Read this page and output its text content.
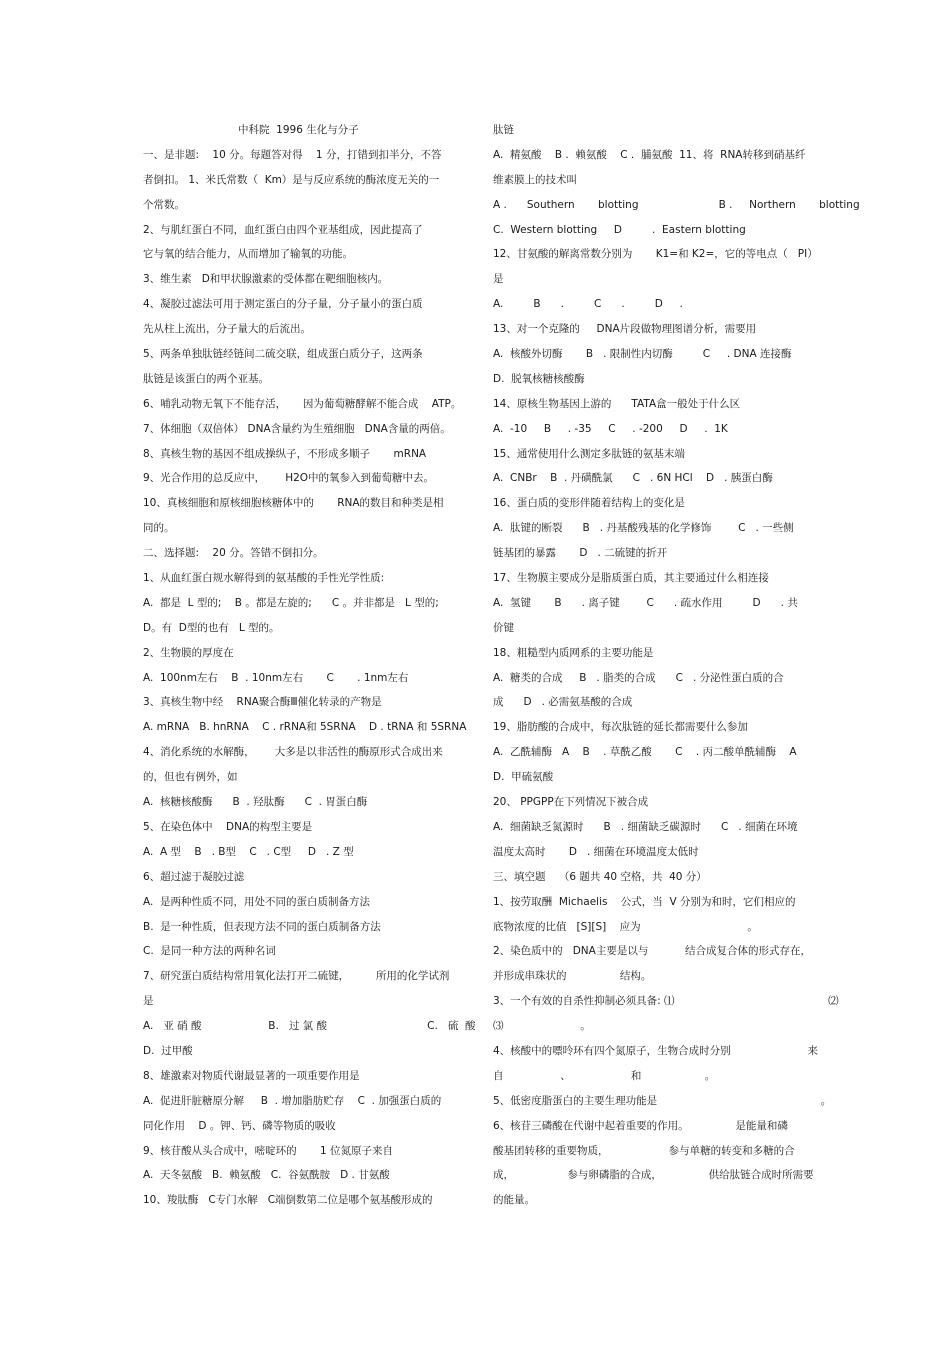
中科院  1996 生化与分子
一、是非题:    10 分。每题答对得    1 分，打错到扣半分，不答
者倒扣。 1、米氏常数（  Km）是与反应系统的酶浓度无关的一
个常数。
2、与肌红蛋白不同，血红蛋白由四个亚基组成，因此提高了
它与氧的结合能力，从而增加了输氧的功能。
3、维生素   D和甲状腺激素的受体都在靶细胞核内。
4、凝胶过滤法可用于测定蛋白的分子量，分子量小的蛋白质
先从柱上流出，分子量大的后流出。
5、两条单独肽链经链间二硫交联，组成蛋白质分子，这两条
肽链是该蛋白的两个亚基。
6、哺乳动物无氧下不能存活，     因为葡萄糖酵解不能合成    ATP。
7、体细胞（双倍体） DNA含量约为生殖细胞   DNA含量的两倍。
8、真核生物的基因不组成操纵子，不形成多顺子       mRNA
9、光合作用的总反应中，      H2O中的氧参入到葡萄糖中去。
10、真核细胞和原核细胞核糖体中的       RNA的数目和种类是相
同的。
二、选择题:    20 分。答错不倒扣分。
1、从血红蛋白规水解得到的氨基酸的手性光学性质:
A.  都是  L 型的;    B 。都是左旋的;      C 。并非都是   L 型的;
D。有  D型的也有   L 型的。
2、生物膜的厚度在
A.  100nm左右    B  . 10nm左右       C       . 1nm左右
3、真核生物中经    RNA聚合酶Ⅲ催化转录的产物是
A. mRNA   B. hnRNA    C . rRNA和 5SRNA    D . tRNA 和 5SRNA
4、消化系统的水解酶，      大多是以非活性的酶原形式合成出来
的，但也有例外，如
A.  核糖核酸酶      B  . 羟肽酶      C  . 胃蛋白酶
5、在染色体中    DNA的构型主要是
A.  A 型    B   . B型    C   . C型     D   . Z 型
6、超过滤于凝胶过滤
A.  是两种性质不同，用处不同的蛋白质制备方法
B.  是一种性质，但表现方法不同的蛋白质制备方法
C.  是同一种方法的两种名词
7、研究蛋白质结构常用氧化法打开二硫键，        所用的化学试剂
是
A.   亚 硝 酸                    B.   过 氯 酸                              C.   硫  酸
D.  过甲酸
8、雄激素对物质代谢最显著的一项重要作用是
A.  促进肝脏糖原分解     B  . 增加脂肪贮存    C  . 加强蛋白质的
同化作用    D 。钾、钙、磷等物质的吸收
9、核苷酸从头合成中，嘧啶环的       1 位氮原子来自
A.  天冬氨酸   B.  赖氨酸   C.  谷氨酰胺   D . 甘氨酸
10、羧肽酶   C专门水解   C端倒数第二位是哪个氨基酸形成的
肽链
A.  精氨酸    B .  赖氨酸    C .  脯氨酸  11、将  RNA转移到硝基纤
维素膜上的技术叫
A .      Southern       blotting                        B .     Northern       blotting
C.  Western blotting     D         .  Eastern blotting
12、甘氨酸的解离常数分别为       K1=和 K2=，它的等电点（   PI）
是
A.         B      .         C      .         D     .
13、对一个克隆的     DNA片段做物理图谱分析，需要用
A.  核酸外切酶       B   . 限制性内切酶         C     . DNA 连接酶
D.  脱氧核糖核酸酶
14、原核生物基因上游的      TATA盒一般处于什么区
A.  -10     B     . -35     C     . -200     D     .  1K
15、通常使用什么测定多肽链的氨基末端
A.  CNBr    B  . 丹磺酰氯      C   . 6N HCl    D   . 胰蛋白酶
16、蛋白质的变形伴随着结构上的变化是
A.  肽键的断裂      B   . 丹基酸残基的化学修饰        C   . 一些侧
链基团的暴露       D   . 二硫键的折开
17、生物膜主要成分是脂质蛋白质，其主要通过什么相连接
A.  氢键       B      . 离子键        C      . 疏水作用         D      . 共
价键
18、粗糙型内质网系的主要功能是
A.  糖类的合成     B   . 脂类的合成      C   . 分泌性蛋白质的合
成      D   . 必需氨基酸的合成
19、脂肪酸的合成中，每次肽链的延长都需要什么参加
A.  乙酰辅酶   A    B    . 草酰乙酸       C    . 丙二酸单酰辅酶    A
D.  甲硫氨酸
20、 PPGPP在下列情况下被合成
A.  细菌缺乏氮源时      B   . 细菌缺乏碳源时      C   . 细菌在环境
温度太高时       D   . 细菌在环境温度太低时
三、填空题    （6 题共 40 空格，共  40 分）
1、按劳取酬  Michaelis    公式，当  V 分别为和时，它们相应的
底物浓度的比值   [S][S]    应为                                。
2、染色质中的   DNA主要是以与           结合成复合体的形式存在，
并形成串珠状的                结构。
3、一个有效的自杀性抑制必须具备: ⑴                                              ⑵
⑶                       。
4、核酸中的嘌呤环有四个氮原子，生物合成时分别                       来
自                 、                  和                   。
5、低密度脂蛋白的主要生理功能是                                                 。
6、核苷三磷酸在代谢中起着重要的作用。              是能量和磷
酸基团转移的重要物质，                  参与单糖的转变和多糖的合
成，                参与卵磷脂的合成，              供给肽链合成时所需要
的能量。
